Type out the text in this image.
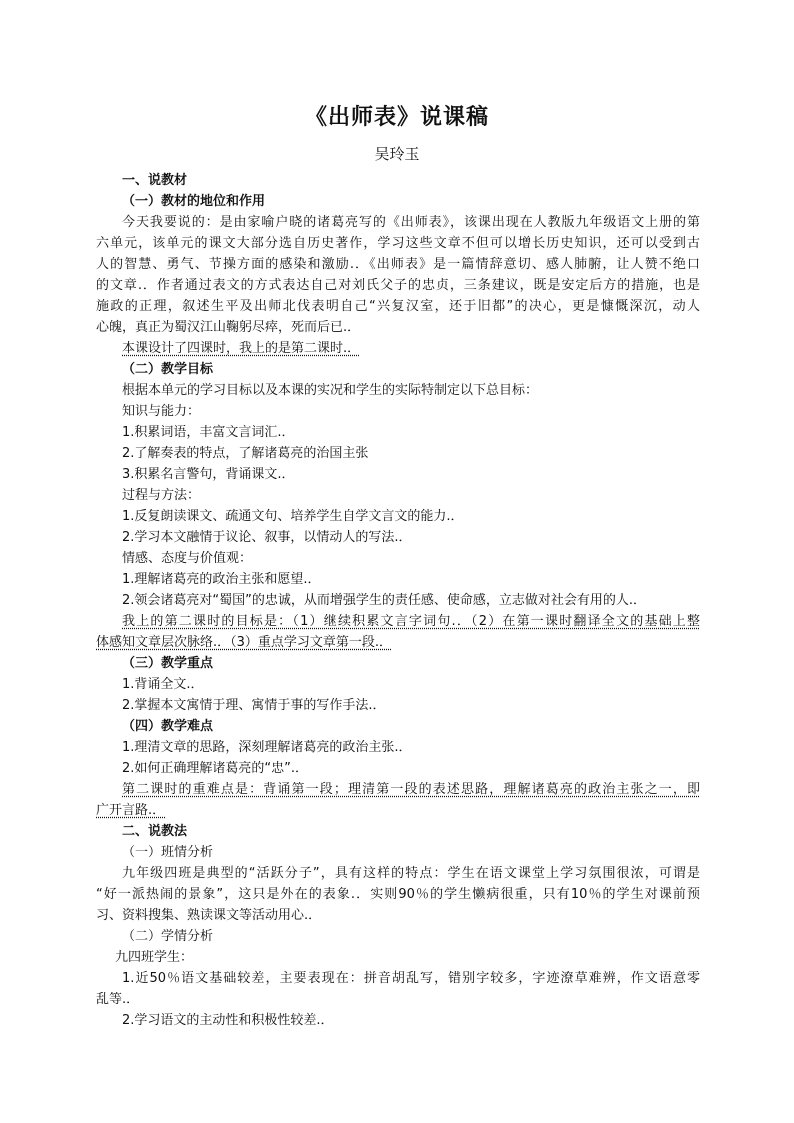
《出师表》说课稿
吴玲玉
一、说教材
（一）教材的地位和作用
今天我要说的：是由家喻户晓的诸葛亮写的《出师表》，该课出现在人教版九年级语文上册的第
六单元，该单元的课文大部分选自历史著作，学习这些文章不但可以增长历史知识，还可以受到古
人的智慧、勇气、节操方面的感染和激励.．《出师表》是一篇情辞意切、感人肺腑，让人赞不绝口
的文章.．作者通过表文的方式表达自己对刘氏父子的忠贞，三条建议，既是安定后方的措施，也是
施政的正理，叙述生平及出师北伐表明自己“兴复汉室，还于旧都”的决心，更是慷慨深沉，动人
心魄，真正为蜀汉江山鞠躬尽瘁，死而后已.．
本课设计了四课时，我上的是第二课时.．
（二）教学目标
根据本单元的学习目标以及本课的实况和学生的实际特制定以下总目标：
知识与能力：
1.积累词语，丰富文言词汇.．
2.了解奏表的特点，了解诸葛亮的治国主张
3.积累名言警句，背诵课文.．
过程与方法：
1.反复朗读课文、疏通文句、培养学生自学文言文的能力.．
2.学习本文融情于议论、叙事，以情动人的写法.．
情感、态度与价值观：
1.理解诸葛亮的政治主张和愿望.．
2.领会诸葛亮对“蜀国”的忠诚，从而增强学生的责任感、使命感，立志做对社会有用的人.．
我上的第二课时的目标是：（1）继续积累文言字词句.．（2）在第一课时翻译全文的基础上整
体感知文章层次脉络.．（3）重点学习文章第一段.．
（三）教学重点
1.背诵全文.．
2.掌握本文寓情于理、寓情于事的写作手法.．
（四）教学难点
1.理清文章的思路，深刻理解诸葛亮的政治主张.．
2.如何正确理解诸葛亮的“忠”.．
第二课时的重难点是：背诵第一段；理清第一段的表述思路，理解诸葛亮的政治主张之一，即
广开言路.．
二、说教法
（一）班情分析
九年级四班是典型的“活跃分子”，具有这样的特点：学生在语文课堂上学习氛围很浓，可谓是
“好一派热闹的景象”，这只是外在的表象.．实则90％的学生懒病很重，只有10％的学生对课前预
习、资料搜集、熟读课文等活动用心.．
（二）学情分析
九四班学生：
1.近50％语文基础较差，主要表现在：拼音胡乱写，错别字较多，字迹潦草难辨，作文语意零
乱等.．
2.学习语文的主动性和积极性较差.．
